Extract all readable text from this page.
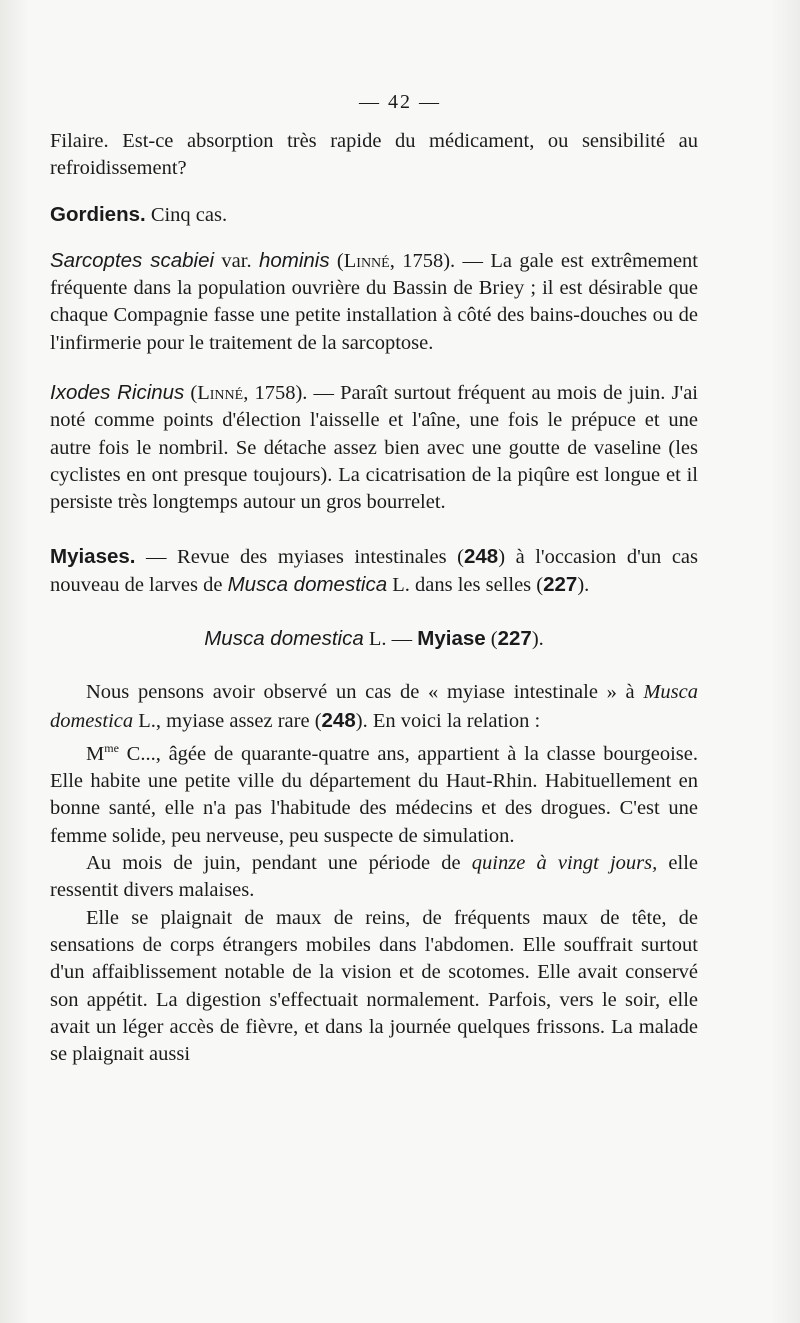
— 42 —

Filaire. Est-ce absorption très rapide du médicament, ou sensibilité au refroidissement?

Gordiens. Cinq cas.

Sarcoptes scabiei var. hominis (Linné, 1758). — La gale est extrêmement fréquente dans la population ouvrière du Bassin de Briey ; il est désirable que chaque Compagnie fasse une petite installation à côté des bains-douches ou de l'infirmerie pour le traitement de la sarcoptose.

Ixodes Ricinus (Linné, 1758). — Paraît surtout fréquent au mois de juin. J'ai noté comme points d'élection l'aisselle et l'aîne, une fois le prépuce et une autre fois le nombril. Se détache assez bien avec une goutte de vaseline (les cyclistes en ont presque toujours). La cicatrisation de la piqûre est longue et il persiste très longtemps autour un gros bourrelet.

Myiases. — Revue des myiases intestinales (248) à l'occasion d'un cas nouveau de larves de Musca domestica L. dans les selles (227).

Musca domestica L. — Myiase (227).

Nous pensons avoir observé un cas de « myiase intestinale » à Musca domestica L., myiase assez rare (248). En voici la relation :

$M^{me}$ C..., âgée de quarante-quatre ans, appartient à la classe bourgeoise. Elle habite une petite ville du département du Haut-Rhin. Habituellement en bonne santé, elle n'a pas l'habitude des médecins et des drogues. C'est une femme solide, peu nerveuse, peu suspecte de simulation.

Au mois de juin, pendant une période de quinze à vingt jours, elle ressentit divers malaises.

Elle se plaignait de maux de reins, de fréquents maux de tête, de sensations de corps étrangers mobiles dans l'abdomen. Elle souffrait surtout d'un affaiblissement notable de la vision et de scotomes. Elle avait conservé son appétit. La digestion s'effectuait normalement. Parfois, vers le soir, elle avait un léger accès de fièvre, et dans la journée quelques frissons. La malade se plaignait aussi
